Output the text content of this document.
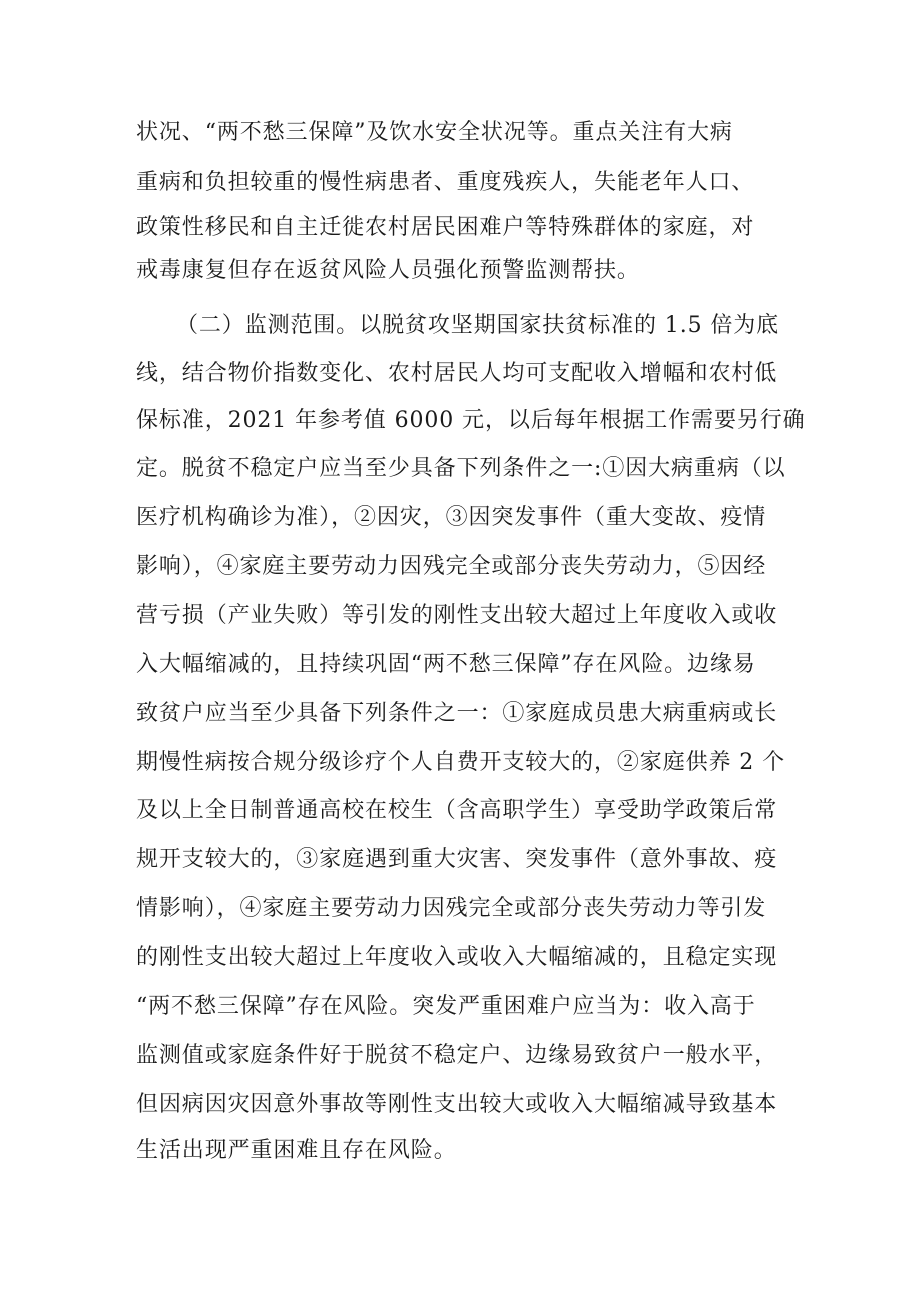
状况、“两不愁三保障”及饮水安全状况等。重点关注有大病
重病和负担较重的慢性病患者、重度残疾人，失能老年人口、
政策性移民和自主迁徙农村居民困难户等特殊群体的家庭，对
戒毒康复但存在返贫风险人员强化预警监测帮扶。
（二）监测范围。以脱贫攻坚期国家扶贫标准的 1.5 倍为底
线，结合物价指数变化、农村居民人均可支配收入增幅和农村低
保标准，2021 年参考值 6000 元，以后每年根据工作需要另行确
定。脱贫不稳定户应当至少具备下列条件之一:①因大病重病（以
医疗机构确诊为准），②因灾，③因突发事件（重大变故、疫情
影响），④家庭主要劳动力因残完全或部分丧失劳动力，⑤因经
营亏损（产业失败）等引发的刚性支出较大超过上年度收入或收
入大幅缩减的，且持续巩固“两不愁三保障”存在风险。边缘易
致贫户应当至少具备下列条件之一：①家庭成员患大病重病或长
期慢性病按合规分级诊疗个人自费开支较大的，②家庭供养 2 个
及以上全日制普通高校在校生（含高职学生）享受助学政策后常
规开支较大的，③家庭遇到重大灾害、突发事件（意外事故、疫
情影响），④家庭主要劳动力因残完全或部分丧失劳动力等引发
的刚性支出较大超过上年度收入或收入大幅缩减的，且稳定实现
“两不愁三保障”存在风险。突发严重困难户应当为：收入高于
监测值或家庭条件好于脱贫不稳定户、边缘易致贫户一般水平，
但因病因灾因意外事故等刚性支出较大或收入大幅缩减导致基本
生活出现严重困难且存在风险。
